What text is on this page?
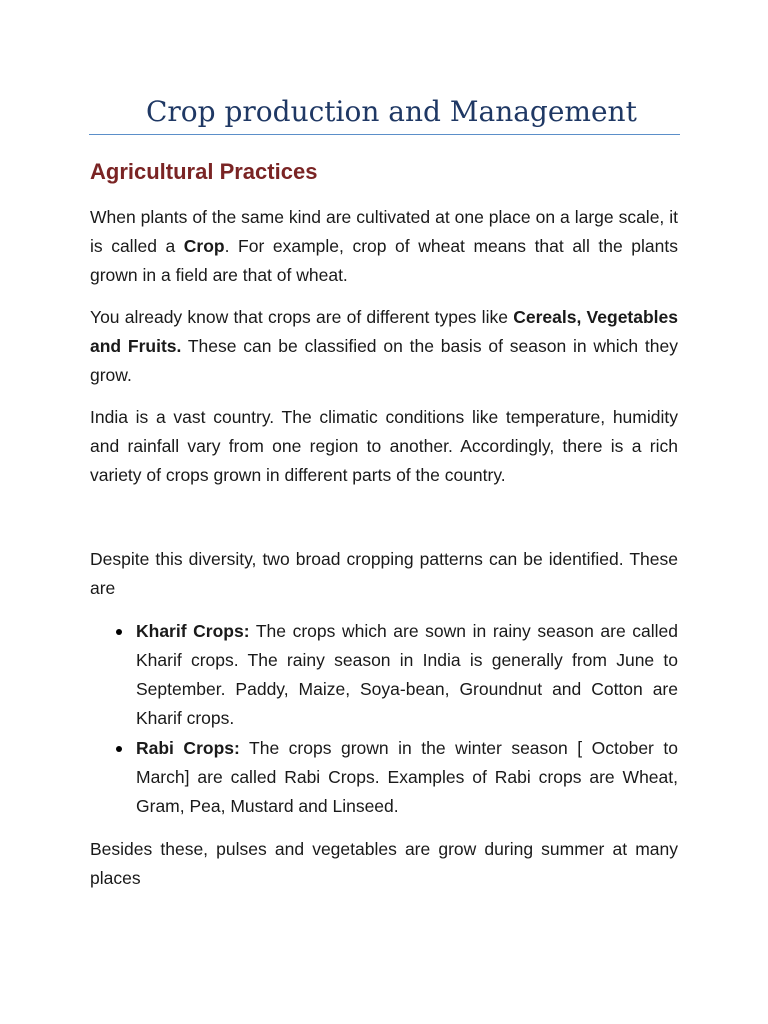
Crop production and Management
Agricultural Practices

When plants of the same kind are cultivated at one place on a large scale, it is called a Crop. For example, crop of wheat means that all the plants grown in a field are that of wheat.

You already know that crops are of different types like Cereals, Vegetables and Fruits. These can be classified on the basis of season in which they grow.

India is a vast country. The climatic conditions like temperature, humidity and rainfall vary from one region to another. Accordingly, there is a rich variety of crops grown in different parts of the country.

Despite this diversity, two broad cropping patterns can be identified. These are

Kharif Crops: The crops which are sown in rainy season are called Kharif crops. The rainy season in India is generally from June to September. Paddy, Maize, Soya-bean, Groundnut and Cotton are Kharif crops.
Rabi Crops: The crops grown in the winter season [ October to March] are called Rabi Crops. Examples of Rabi crops are Wheat, Gram, Pea, Mustard and Linseed.

Besides these, pulses and vegetables are grow during summer at many places
